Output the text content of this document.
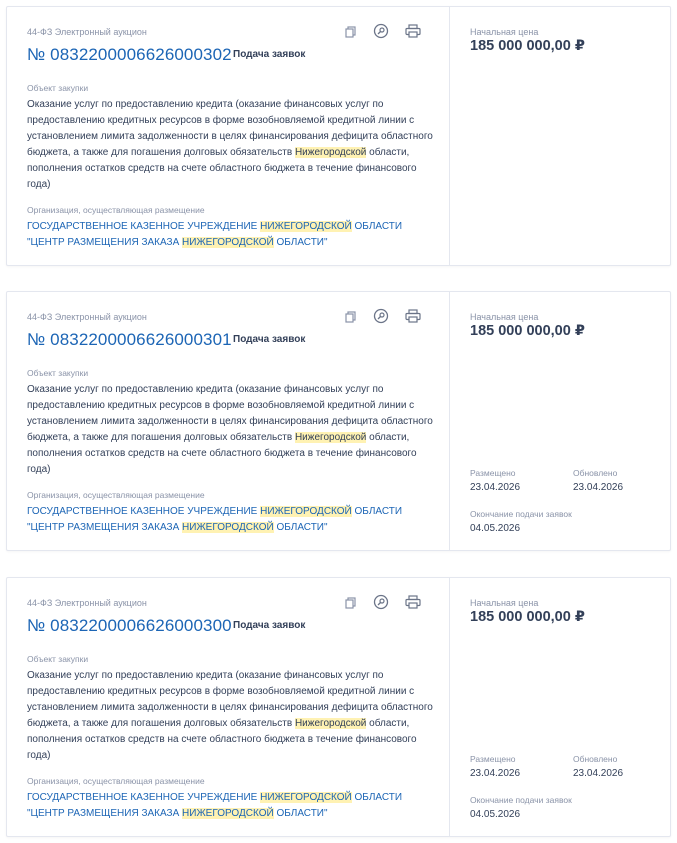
44-ФЗ Электронный аукцион
№ 0832200006626000302 Подача заявок
Объект закупки
Оказание услуг по предоставлению кредита (оказание финансовых услуг по предоставлению кредитных ресурсов в форме возобновляемой кредитной линии с установлением лимита задолженности в целях финансирования дефицита областного бюджета, а также для погашения долговых обязательств Нижегородской области, пополнения остатков средств на счете областного бюджета в течение финансового года)
Организация, осуществляющая размещение
ГОСУДАРСТВЕННОЕ КАЗЕННОЕ УЧРЕЖДЕНИЕ НИЖЕГОРОДСКОЙ ОБЛАСТИ "ЦЕНТР РАЗМЕЩЕНИЯ ЗАКАЗА НИЖЕГОРОДСКОЙ ОБЛАСТИ"
Начальная цена
185 000 000,00 ₽
44-ФЗ Электронный аукцион
№ 0832200006626000301 Подача заявок
Объект закупки
Оказание услуг по предоставлению кредита (оказание финансовых услуг по предоставлению кредитных ресурсов в форме возобновляемой кредитной линии с установлением лимита задолженности в целях финансирования дефицита областного бюджета, а также для погашения долговых обязательств Нижегородской области, пополнения остатков средств на счете областного бюджета в течение финансового года)
Организация, осуществляющая размещение
ГОСУДАРСТВЕННОЕ КАЗЕННОЕ УЧРЕЖДЕНИЕ НИЖЕГОРОДСКОЙ ОБЛАСТИ "ЦЕНТР РАЗМЕЩЕНИЯ ЗАКАЗА НИЖЕГОРОДСКОЙ ОБЛАСТИ"
Начальная цена
185 000 000,00 ₽
Размещено
23.04.2026
Обновлено
23.04.2026
Окончание подачи заявок
04.05.2026
44-ФЗ Электронный аукцион
№ 0832200006626000300 Подача заявок
Объект закупки
Оказание услуг по предоставлению кредита (оказание финансовых услуг по предоставлению кредитных ресурсов в форме возобновляемой кредитной линии с установлением лимита задолженности в целях финансирования дефицита областного бюджета, а также для погашения долговых обязательств Нижегородской области, пополнения остатков средств на счете областного бюджета в течение финансового года)
Организация, осуществляющая размещение
ГОСУДАРСТВЕННОЕ КАЗЕННОЕ УЧРЕЖДЕНИЕ НИЖЕГОРОДСКОЙ ОБЛАСТИ "ЦЕНТР РАЗМЕЩЕНИЯ ЗАКАЗА НИЖЕГОРОДСКОЙ ОБЛАСТИ"
Начальная цена
185 000 000,00 ₽
Размещено
23.04.2026
Обновлено
23.04.2026
Окончание подачи заявок
04.05.2026
